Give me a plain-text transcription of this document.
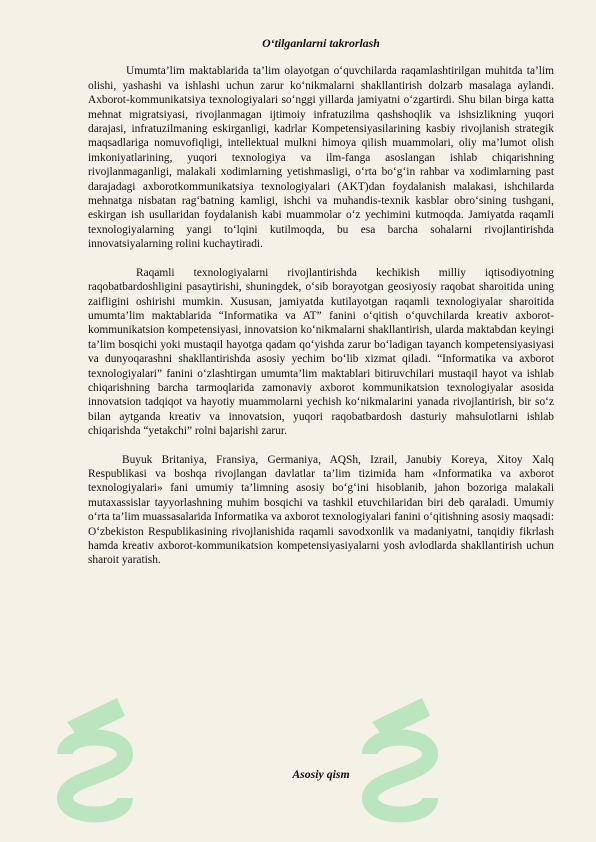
O‘tilganlarni takrorlash

Umumta’lim maktablarida ta’lim olayotgan o‘quvchilarda raqamlashtirilgan muhitda ta’lim olishi, yashashi va ishlashi uchun zarur ko‘nikmalarni shakllantirish dolzarb masalaga aylandi. Axborot-kommunikatsiya texnologiyalari so‘nggi yillarda jamiyatni o‘zgartirdi. Shu bilan birga katta mehnat migratsiyasi, rivojlanmagan ijtimoiy infratuzilma qashshoqlik va ishsizlikning yuqori darajasi, infratuzilmaning eskirganligi, kadrlar Kompetensiyasilarining kasbiy rivojlanish strategik maqsadlariga nomuvofiqligi, intellektual mulkni himoya qilish muammolari, oliy ma’lumot olish imkoniyatlarining, yuqori texnologiya va ilm-fanga asoslangan ishlab chiqarishning rivojlanmaganligi, malakali xodimlarning yetishmasligi, o‘rta bo‘g‘in rahbar va xodimlarning past darajadagi axborotkommunikatsiya texnologiyalari (AKT)dan foydalanish malakasi, ishchilarda mehnatga nisbatan rag‘batning kamligi, ishchi va muhandis-texnik kasblar obro‘sining tushgani, eskirgan ish usullaridan foydalanish kabi muammolar o‘z yechimini kutmoqda. Jamiyatda raqamli texnologiyalarning yangi to‘lqini kutilmoqda, bu esa barcha sohalarni rivojlantirishda innovatsiyalarning rolini kuchaytiradi.

Raqamli texnologiyalarni rivojlantirishda kechikish milliy iqtisodiyotning raqobatbardoshligini pasaytirishi, shuningdek, o‘sib borayotgan geosiyosiy raqobat sharoitida uning zaifligini oshirishi mumkin. Xususan, jamiyatda kutilayotgan raqamli texnologiyalar sharoitida umumta’lim maktablarida “Informatika va AT” fanini o‘qitish o‘quvchilarda kreativ axborot-kommunikatsion kompetensiyasi, innovatsion ko‘nikmalarni shakllantirish, ularda maktabdan keyingi ta’lim bosqichi yoki mustaqil hayotga qadam qo‘yishda zarur bo‘ladigan tayanch kompetensiyasiyasi va dunyoqarashni shakllantirishda asosiy yechim bo‘lib xizmat qiladi. “Informatika va axborot texnologiyalari” fanini o‘zlashtirgan umumta’lim maktablari bitiruvchilari mustaqil hayot va ishlab chiqarishning barcha tarmoqlarida zamonaviy axborot kommunikatsion texnologiyalar asosida innovatsion tadqiqot va hayotiy muammolarni yechish ko‘nikmalarini yanada rivojlantirish, bir so‘z bilan aytganda kreativ va innovatsion, yuqori raqobatbardosh dasturiy mahsulotlarni ishlab chiqarishda “yetakchi” rolni bajarishi zarur.

Buyuk Britaniya, Fransiya, Germaniya, AQSh, Izrail, Janubiy Koreya, Xitoy Xalq Respublikasi va boshqa rivojlangan davlatlar ta’lim tizimida ham «Informatika va axborot texnologiyalari» fani umumiy ta’limning asosiy bo‘g‘ini hisoblanib, jahon bozoriga malakali mutaxassislar tayyorlashning muhim bosqichi va tashkil etuvchilaridan biri deb qaraladi. Umumiy o‘rta ta’lim muassasalarida Informatika va axborot texnologiyalari fanini o‘qitishning asosiy maqsadi: O‘zbekiston Respublikasining rivojlanishida raqamli savodxonlik va madaniyatni, tanqidiy fikrlash hamda kreativ axborot-kommunikatsion kompetensiyasiyalarni yosh avlodlarda shakllantirish uchun sharoit yaratish.

Asosiy qism
